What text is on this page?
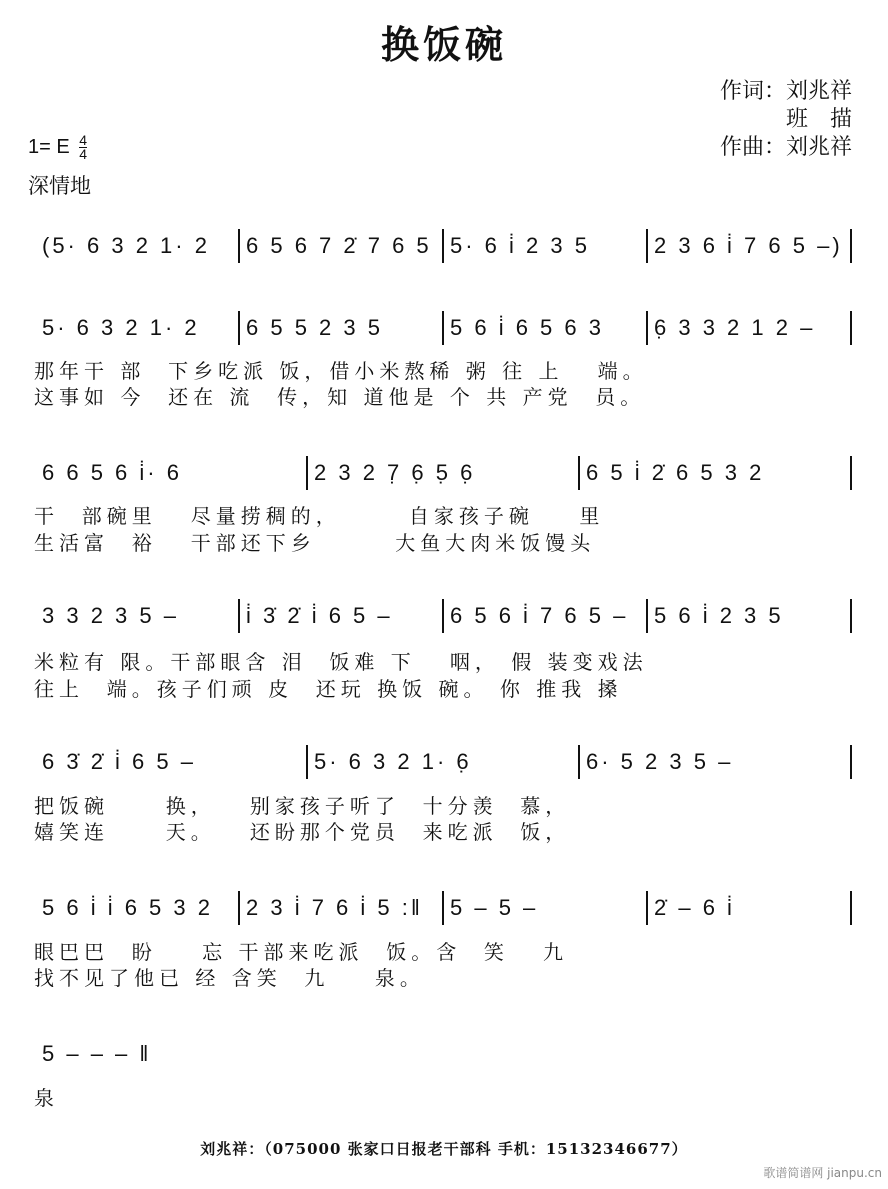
换饭碗
作词：刘兆祥
班　描
作曲：刘兆祥
1= E $\frac{4}{4}$
深情地
(5· 6 3 2 1· 2	6 5 6 7 2̇ 7 6 5 5· 6 i̇ 2 3 5	2 3 6 i̇ 7 6 5 –)
5· 6 3 2 1· 2	6 5 5 2 3 5	5 6 i̇ 6 5 6 3	6̣ 3 3 2 1 2 –
那年干 部  下乡吃派 饭，借小米熬稀 粥 往 上   端。
这事如 今  还在 流  传，知 道他是 个 共 产党  员。
6 6 5 6 i̇· 6	2 3 2 7̣ 6̣ 5̣ 6̣	6 5 i̇ 2̇ 6 5 3 2
干  部碗里   尽量捞稠的，      自家孩子碗    里
生活富  裕   干部还下乡       大鱼大肉米饭馒头
3 3 2 3 5 –	i̇ 3̇ 2̇ i̇ 6 5 –	6 5 6 i̇ 7 6 5 –	5 6 i̇ 2 3 5
米粒有 限。干部眼含 泪  饭难 下   咽， 假 装变戏法
往上  端。孩子们顽 皮  还玩 换饭 碗。 你 推我 搡
6 3̇ 2̇ i̇ 6 5 –	5· 6 3 2 1· 6̣	6· 5 2 3 5 –
把饭碗     换，   别家孩子听了  十分羡  慕，
嬉笑连     天。   还盼那个党员  来吃派  饭，
5 6 i̇ i̇ 6 5 3 2	2 3 i̇ 7 6 i̇ 5 :‖	5 – 5 –	2̇ – 6 i̇
眼巴巴  盼    忘 干部来吃派  饭。含  笑   九
找不见了他已 经 含笑  九    泉。
5 – – – ‖
泉
刘兆祥：（075000 张家口日报老干部科 手机：15132346677）
歌谱简谱网 jianpu.cn
